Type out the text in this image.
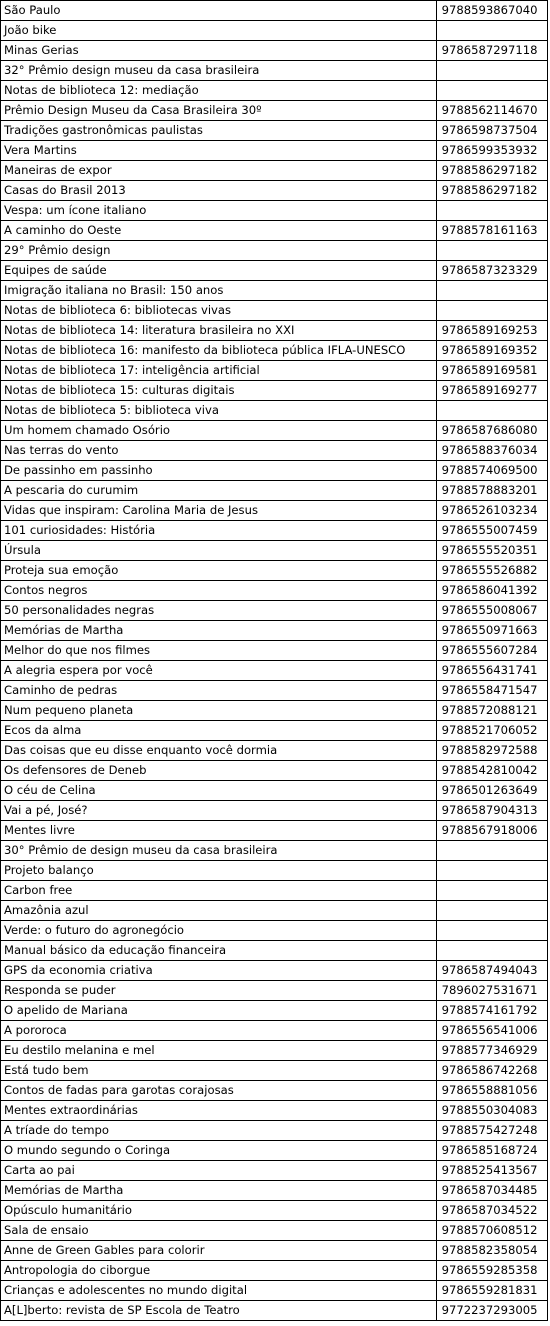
São Paulo	9788593867040
João bike	
Minas Gerias	9786587297118
32° Prêmio design museu da casa brasileira	
Notas de biblioteca 12: mediação	
Prêmio Design Museu da Casa Brasileira 30º	9788562114670
Tradições gastronômicas paulistas	9786598737504
Vera Martins	9786599353932
Maneiras de expor	9788586297182
Casas do Brasil 2013	9788586297182
Vespa: um ícone italiano	
A caminho do Oeste	9788578161163
29° Prêmio design	
Equipes de saúde	9786587323329
Imigração italiana no Brasil: 150 anos	
Notas de biblioteca 6: bibliotecas vivas	
Notas de biblioteca 14: literatura brasileira no XXI	9786589169253
Notas de biblioteca 16: manifesto da biblioteca pública IFLA-UNESCO	9786589169352
Notas de biblioteca 17: inteligência artificial	9786589169581
Notas de biblioteca 15: culturas digitais	9786589169277
Notas de biblioteca 5: biblioteca viva	
Um homem chamado Osório	9786587686080
Nas terras do vento	9786588376034
De passinho em passinho	9788574069500
A pescaria do curumim	9788578883201
Vidas que inspiram: Carolina Maria de Jesus	9786526103234
101 curiosidades: História	9786555007459
Úrsula	9786555520351
Proteja sua emoção	9786555526882
Contos negros	9786586041392
50 personalidades negras	9786555008067
Memórias de Martha	9786550971663
Melhor do que nos filmes	9786555607284
A alegria espera por você	9786556431741
Caminho de pedras	9786558471547
Num pequeno planeta	9788572088121
Ecos da alma	9788521706052
Das coisas que eu disse enquanto você dormia	9788582972588
Os defensores de Deneb	9788542810042
O céu de Celina	9786501263649
Vai a pé, José?	9786587904313
Mentes livre	9788567918006
30° Prêmio de design museu da casa brasileira	
Projeto balanço	
Carbon free	
Amazônia azul	
Verde: o futuro do agronegócio	
Manual básico da educação financeira	
GPS da economia criativa	9786587494043
Responda se puder	7896027531671
O apelido de Mariana	9788574161792
A pororoca	9786556541006
Eu destilo melanina e mel	9788577346929
Está tudo bem	9786586742268
Contos de fadas para garotas corajosas	9786558881056
Mentes extraordinárias	9788550304083
A tríade do tempo	9788575427248
O mundo segundo o Coringa	9786585168724
Carta ao pai	9788525413567
Memórias de Martha	9786587034485
Opúsculo humanitário	9786587034522
Sala de ensaio	9788570608512
Anne de Green Gables para colorir	9788582358054
Antropologia do ciborgue	9786559285358
Crianças e adolescentes no mundo digital	9786559281831
A[L]berto: revista de SP Escola de Teatro	9772237293005
